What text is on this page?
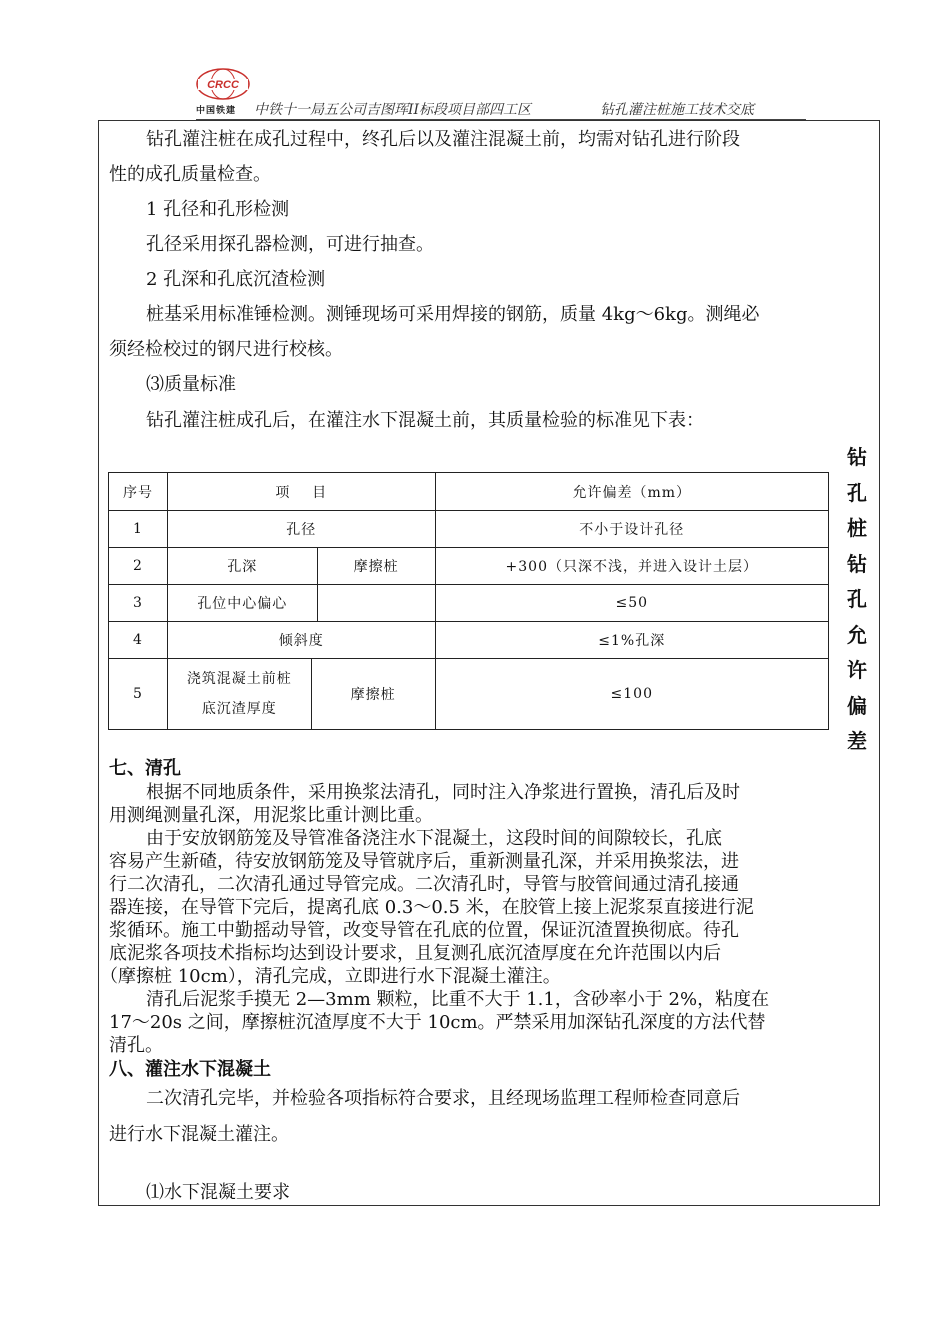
CRCC
中国铁建 中铁十一局五公司吉图珲II标段项目部四工区	钻孔灌注桩施工技术交底
钻孔灌注桩在成孔过程中，终孔后以及灌注混凝土前，均需对钻孔进行阶段
性的成孔质量检查。
1 孔径和孔形检测
孔径采用探孔器检测，可进行抽查。
2 孔深和孔底沉渣检测
桩基采用标准锤检测。测锤现场可采用焊接的钢筋，质量 4kg～6kg。测绳必
须经检校过的钢尺进行校核。
⑶质量标准
钻孔灌注桩成孔后，在灌注水下混凝土前，其质量检验的标准见下表：
钻
孔
桩
钻
孔
允
许
偏
差
序号	项    目			允许偏差（mm）
1	孔径			不小于设计孔径
2	孔深		摩擦桩	+300（只深不浅，并进入设计土层）
3	孔位中心偏心			≤50
4	倾斜度			≤1%孔深
5	浇筑混凝土前桩
底沉渣厚度	摩擦桩		≤100
七、清孔
根据不同地质条件，采用换浆法清孔，同时注入净浆进行置换，清孔后及时
用测绳测量孔深，用泥浆比重计测比重。
由于安放钢筋笼及导管准备浇注水下混凝土，这段时间的间隙较长，孔底
容易产生新碴，待安放钢筋笼及导管就序后，重新测量孔深，并采用换浆法，进
行二次清孔，二次清孔通过导管完成。二次清孔时，导管与胶管间通过清孔接通
器连接，在导管下完后，提离孔底 0.3～0.5 米，在胶管上接上泥浆泵直接进行泥
浆循环。施工中勤摇动导管，改变导管在孔底的位置，保证沉渣置换彻底。待孔
底泥浆各项技术指标均达到设计要求，且复测孔底沉渣厚度在允许范围以内后
（摩擦桩 10cm），清孔完成，立即进行水下混凝土灌注。
清孔后泥浆手摸无 2—3mm 颗粒，比重不大于 1.1，含砂率小于 2%，粘度在
17～20s 之间，摩擦桩沉渣厚度不大于 10cm。严禁采用加深钻孔深度的方法代替
清孔。
八、灌注水下混凝土
二次清孔完毕，并检验各项指标符合要求，且经现场监理工程师检查同意后
进行水下混凝土灌注。
⑴水下混凝土要求
